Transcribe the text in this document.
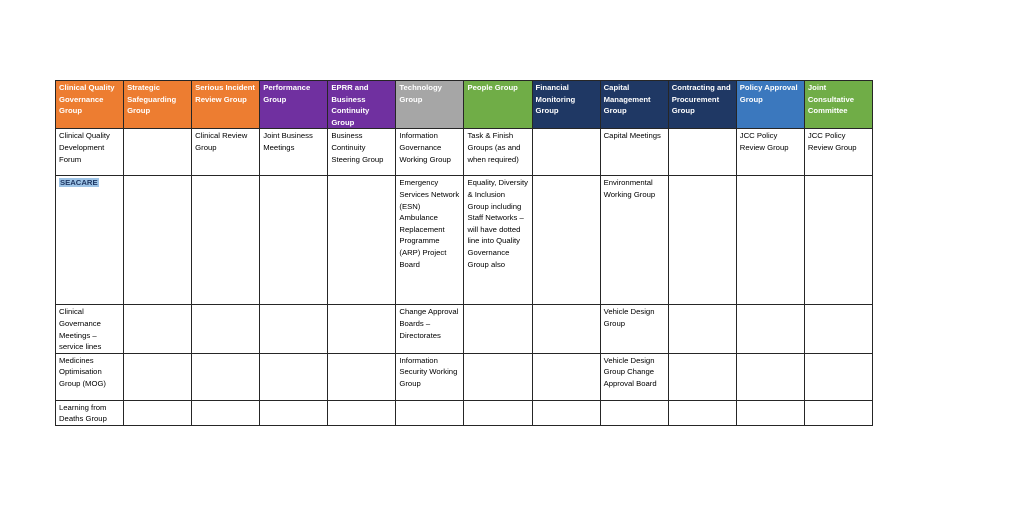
Clinical Quality Governance Group	Strategic Safeguarding Group	Serious Incident Review Group	Performance Group	EPRR and Business Continuity Group	Technology Group	People Group	Financial Monitoring Group	Capital Management Group	Contracting and Procurement Group	Policy Approval Group	Joint Consultative Committee
Clinical Quality Development Forum		Clinical Review Group	Joint Business Meetings	Business Continuity Steering Group	Information Governance Working Group	Task & Finish Groups (as and when required)		Capital Meetings		JCC Policy Review Group	JCC Policy Review Group
SEACARE					Emergency Services Network (ESN) Ambulance Replacement Programme (ARP) Project Board	Equality, Diversity & Inclusion Group including Staff Networks – will have dotted line into Quality Governance Group also		Environmental Working Group			
Clinical Governance Meetings – service lines					Change Approval Boards – Directorates			Vehicle Design Group			
Medicines Optimisation Group (MOG)					Information Security Working Group			Vehicle Design Group Change Approval Board			
Learning from Deaths Group											
